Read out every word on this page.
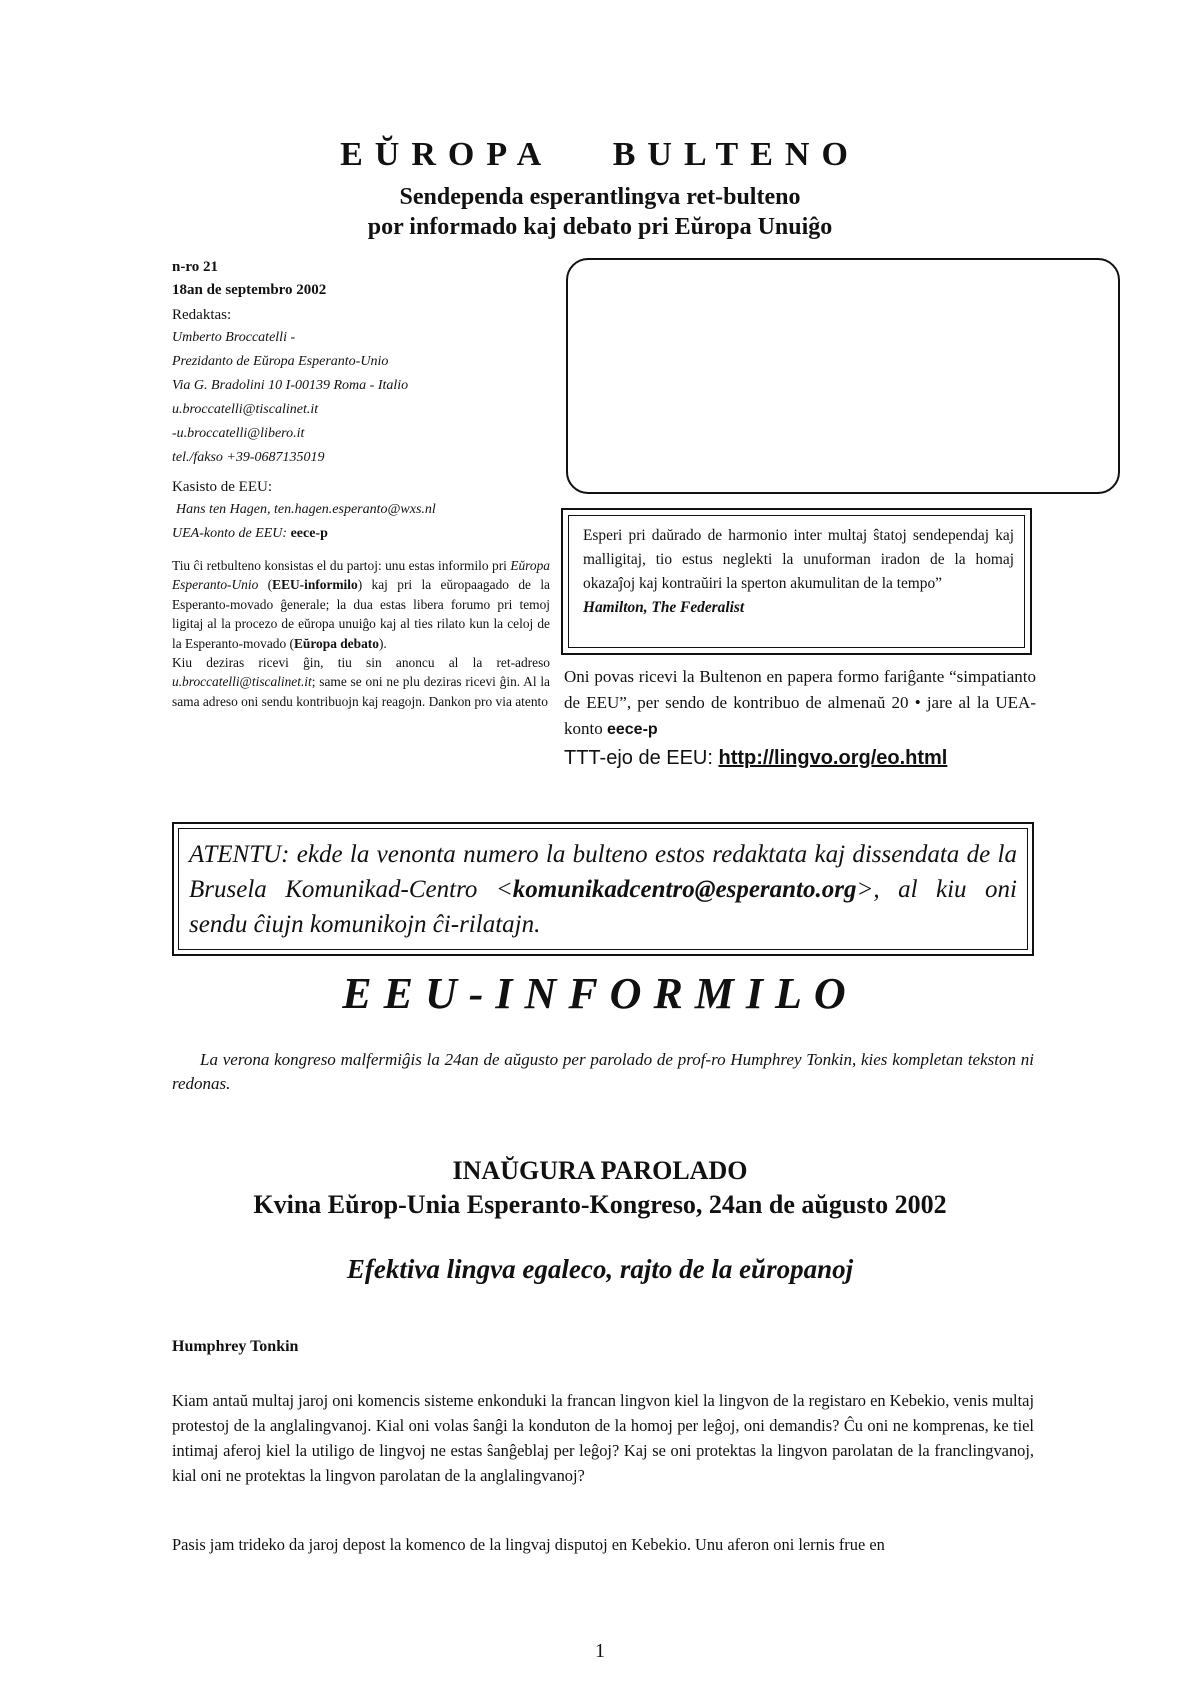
EŬROPA   BULTENO
Sendependa esperantlingva ret-bulteno
por informado kaj debato pri Eŭropa Unuiĝo
n-ro 21
18an de septembro 2002
Redaktas:
Umberto Broccatelli -
Prezidanto de Eŭropa Esperanto-Unio
Via G. Bradolini 10 I-00139 Roma - Italio
u.broccatelli@tiscalinet.it
-u.broccatelli@libero.it
tel./fakso +39-0687135019
Kasisto de EEU:
Hans ten Hagen, ten.hagen.esperanto@wxs.nl
UEA-konto de EEU: eece-p
Tiu ĉi retbulteno konsistas el du partoj: unu estas informilo pri Eŭropa Esperanto-Unio (EEU-informilo) kaj pri la eŭropaagado de la Esperanto-movado ĝenerale; la dua estas libera forumo pri temoj ligitaj al la procezo de eŭropa unuiĝo kaj al ties rilato kun la celoj de la Esperanto-movado (Eŭropa debato).
Kiu deziras ricevi ĝin, tiu sin anoncu al la ret-adreso u.broccatelli@tiscalinet.it; same se oni ne plu deziras ricevi ĝin. Al la sama adreso oni sendu kontribuojn kaj reagojn. Dankon pro via atento
Esperi pri daŭrado de harmonio inter multaj ŝtatoj sendependaj kaj malligitaj, tio estus neglekti la unuforman iradon de la homaj okazaĵoj kaj kontraŭiri la sperton akumulitan de la tempo”
Hamilton, The Federalist
Oni povas ricevi la Bultenon en papera formo fariĝante “simpatianto de EEU”, per sendo de kontribuo de almenaŭ 20 • jare al la UEA-konto eece-p
TTT-ejo de EEU: http://lingvo.org/eo.html
ATENTU: ekde la venonta numero la bulteno estos redaktata kaj dissendata de la Brusela Komunikad-Centro <komunikadcentro@esperanto.org>, al kiu oni sendu ĉiujn komunikojn ĉi-rilatajn.
EEU-INFORMILO
La verona kongreso malfermiĝis la 24an de aŭgusto per parolado de prof-ro Humphrey Tonkin, kies kompletan tekston ni redonas.
INAŬGURA PAROLADO
Kvina Eŭrop-Unia Esperanto-Kongreso, 24an de aŭgusto 2002
Efektiva lingva egaleco, rajto de la eŭropanoj
Humphrey Tonkin
Kiam antaŭ multaj jaroj oni komencis sisteme enkonduki la francan lingvon kiel la lingvon de la registaro en Kebekio, venis multaj protestoj de la anglalingvanoj. Kial oni volas ŝanĝi la konduton de la homoj per leĝoj, oni demandis? Ĉu oni ne komprenas, ke tiel intimaj aferoj kiel la utiligo de lingvoj ne estas ŝanĝeblaj per leĝoj? Kaj se oni protektas la lingvon parolatan de la franclingvanoj, kial oni ne protektas la lingvon parolatan de la anglalingvanoj?
Pasis jam trideko da jaroj depost la komenco de la lingvaj disputoj en Kebekio. Unu aferon oni lernis frue en
1
